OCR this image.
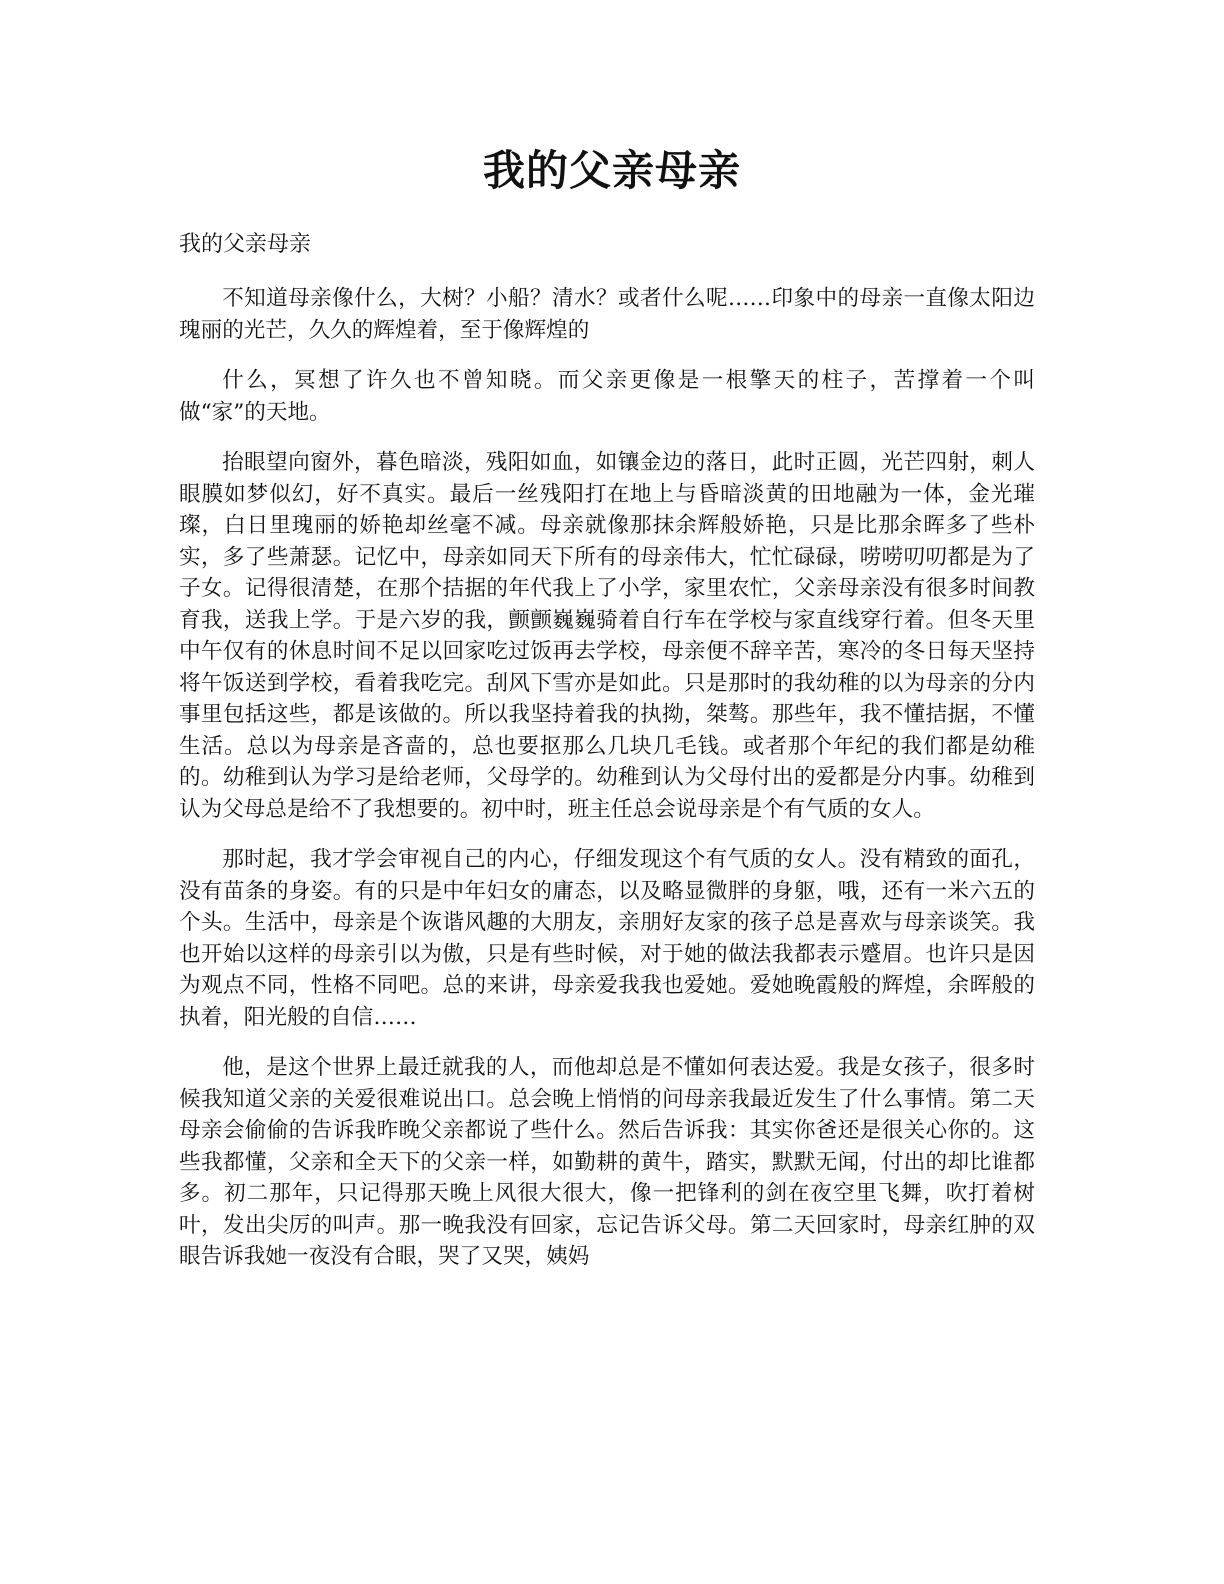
我的父亲母亲

我的父亲母亲

不知道母亲像什么，大树？小船？清水？或者什么呢……印象中的母亲一直像太阳边瑰丽的光芒，久久的辉煌着，至于像辉煌的

什么，冥想了许久也不曾知晓。而父亲更像是一根擎天的柱子，苦撑着一个叫做“家”的天地。

抬眼望向窗外，暮色暗淡，残阳如血，如镶金边的落日，此时正圆，光芒四射，刺人眼膜如梦似幻，好不真实。最后一丝残阳打在地上与昏暗淡黄的田地融为一体，金光璀璨，白日里瑰丽的娇艳却丝毫不减。母亲就像那抹余辉般娇艳，只是比那余晖多了些朴实，多了些萧瑟。记忆中，母亲如同天下所有的母亲伟大，忙忙碌碌，唠唠叨叨都是为了子女。记得很清楚，在那个拮据的年代我上了小学，家里农忙，父亲母亲没有很多时间教育我，送我上学。于是六岁的我，颤颤巍巍骑着自行车在学校与家直线穿行着。但冬天里中午仅有的休息时间不足以回家吃过饭再去学校，母亲便不辞辛苦，寒冷的冬日每天坚持将午饭送到学校，看着我吃完。刮风下雪亦是如此。只是那时的我幼稚的以为母亲的分内事里包括这些，都是该做的。所以我坚持着我的执拗，桀骜。那些年，我不懂拮据，不懂生活。总以为母亲是吝啬的，总也要抠那么几块几毛钱。或者那个年纪的我们都是幼稚的。幼稚到认为学习是给老师，父母学的。幼稚到认为父母付出的爱都是分内事。幼稚到认为父母总是给不了我想要的。初中时，班主任总会说母亲是个有气质的女人。

那时起，我才学会审视自己的内心，仔细发现这个有气质的女人。没有精致的面孔，没有苗条的身姿。有的只是中年妇女的庸态，以及略显微胖的身躯，哦，还有一米六五的个头。生活中，母亲是个诙谐风趣的大朋友，亲朋好友家的孩子总是喜欢与母亲谈笑。我也开始以这样的母亲引以为傲，只是有些时候，对于她的做法我都表示蹙眉。也许只是因为观点不同，性格不同吧。总的来讲，母亲爱我我也爱她。爱她晚霞般的辉煌，余晖般的执着，阳光般的自信……

他，是这个世界上最迁就我的人，而他却总是不懂如何表达爱。我是女孩子，很多时候我知道父亲的关爱很难说出口。总会晚上悄悄的问母亲我最近发生了什么事情。第二天母亲会偷偷的告诉我昨晚父亲都说了些什么。然后告诉我：其实你爸还是很关心你的。这些我都懂，父亲和全天下的父亲一样，如勤耕的黄牛，踏实，默默无闻，付出的却比谁都多。初二那年，只记得那天晚上风很大很大，像一把锋利的剑在夜空里飞舞，吹打着树叶，发出尖厉的叫声。那一晚我没有回家，忘记告诉父母。第二天回家时，母亲红肿的双眼告诉我她一夜没有合眼，哭了又哭，姨妈
